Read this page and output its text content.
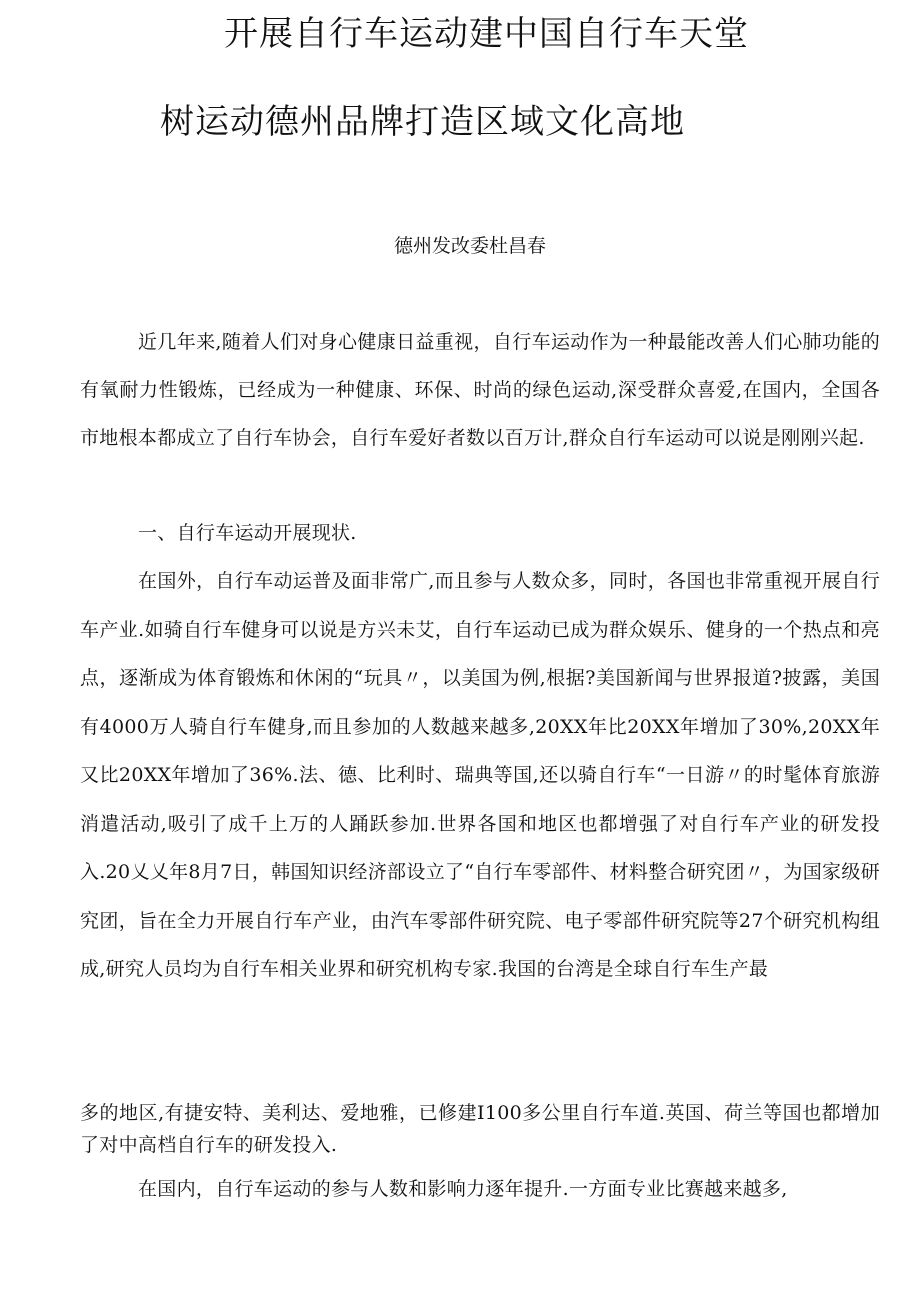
开展自行车运动建中国自行车天堂
树运动德州品牌打造区域文化高地
德州发改委杜昌春

近几年来,随着人们对身心健康日益重视，自行车运动作为一种最能改善人们心肺功能的有氧耐力性锻炼，已经成为一种健康、环保、时尚的绿色运动,深受群众喜爱,在国内，全国各市地根本都成立了自行车协会，自行车爱好者数以百万计,群众自行车运动可以说是刚刚兴起.

一、自行车运动开展现状.

在国外，自行车动运普及面非常广,而且参与人数众多，同时，各国也非常重视开展自行车产业.如骑自行车健身可以说是方兴未艾，自行车运动已成为群众娱乐、健身的一个热点和亮点，逐渐成为体育锻炼和休闲的“玩具〃，以美国为例,根据?美国新闻与世界报道?披露，美国有4000万人骑自行车健身,而且参加的人数越来越多,20XX年比20XX年增加了30%,20XX年又比20XX年增加了36%.法、德、比利时、瑞典等国,还以骑自行车“一日游〃的时髦体育旅游消遣活动,吸引了成千上万的人踊跃参加.世界各国和地区也都增强了对自行车产业的研发投入.20乂乂年8月7日，韩国知识经济部设立了“自行车零部件、材料整合研究团〃，为国家级研究团，旨在全力开展自行车产业，由汽车零部件研究院、电子零部件研究院等27个研究机构组成,研究人员均为自行车相关业界和研究机构专家.我国的台湾是全球自行车生产最

多的地区,有捷安特、美利达、爱地雅，已修建I100多公里自行车道.英国、荷兰等国也都增加了对中高档自行车的研发投入.

在国内，自行车运动的参与人数和影响力逐年提升.一方面专业比赛越来越多,
